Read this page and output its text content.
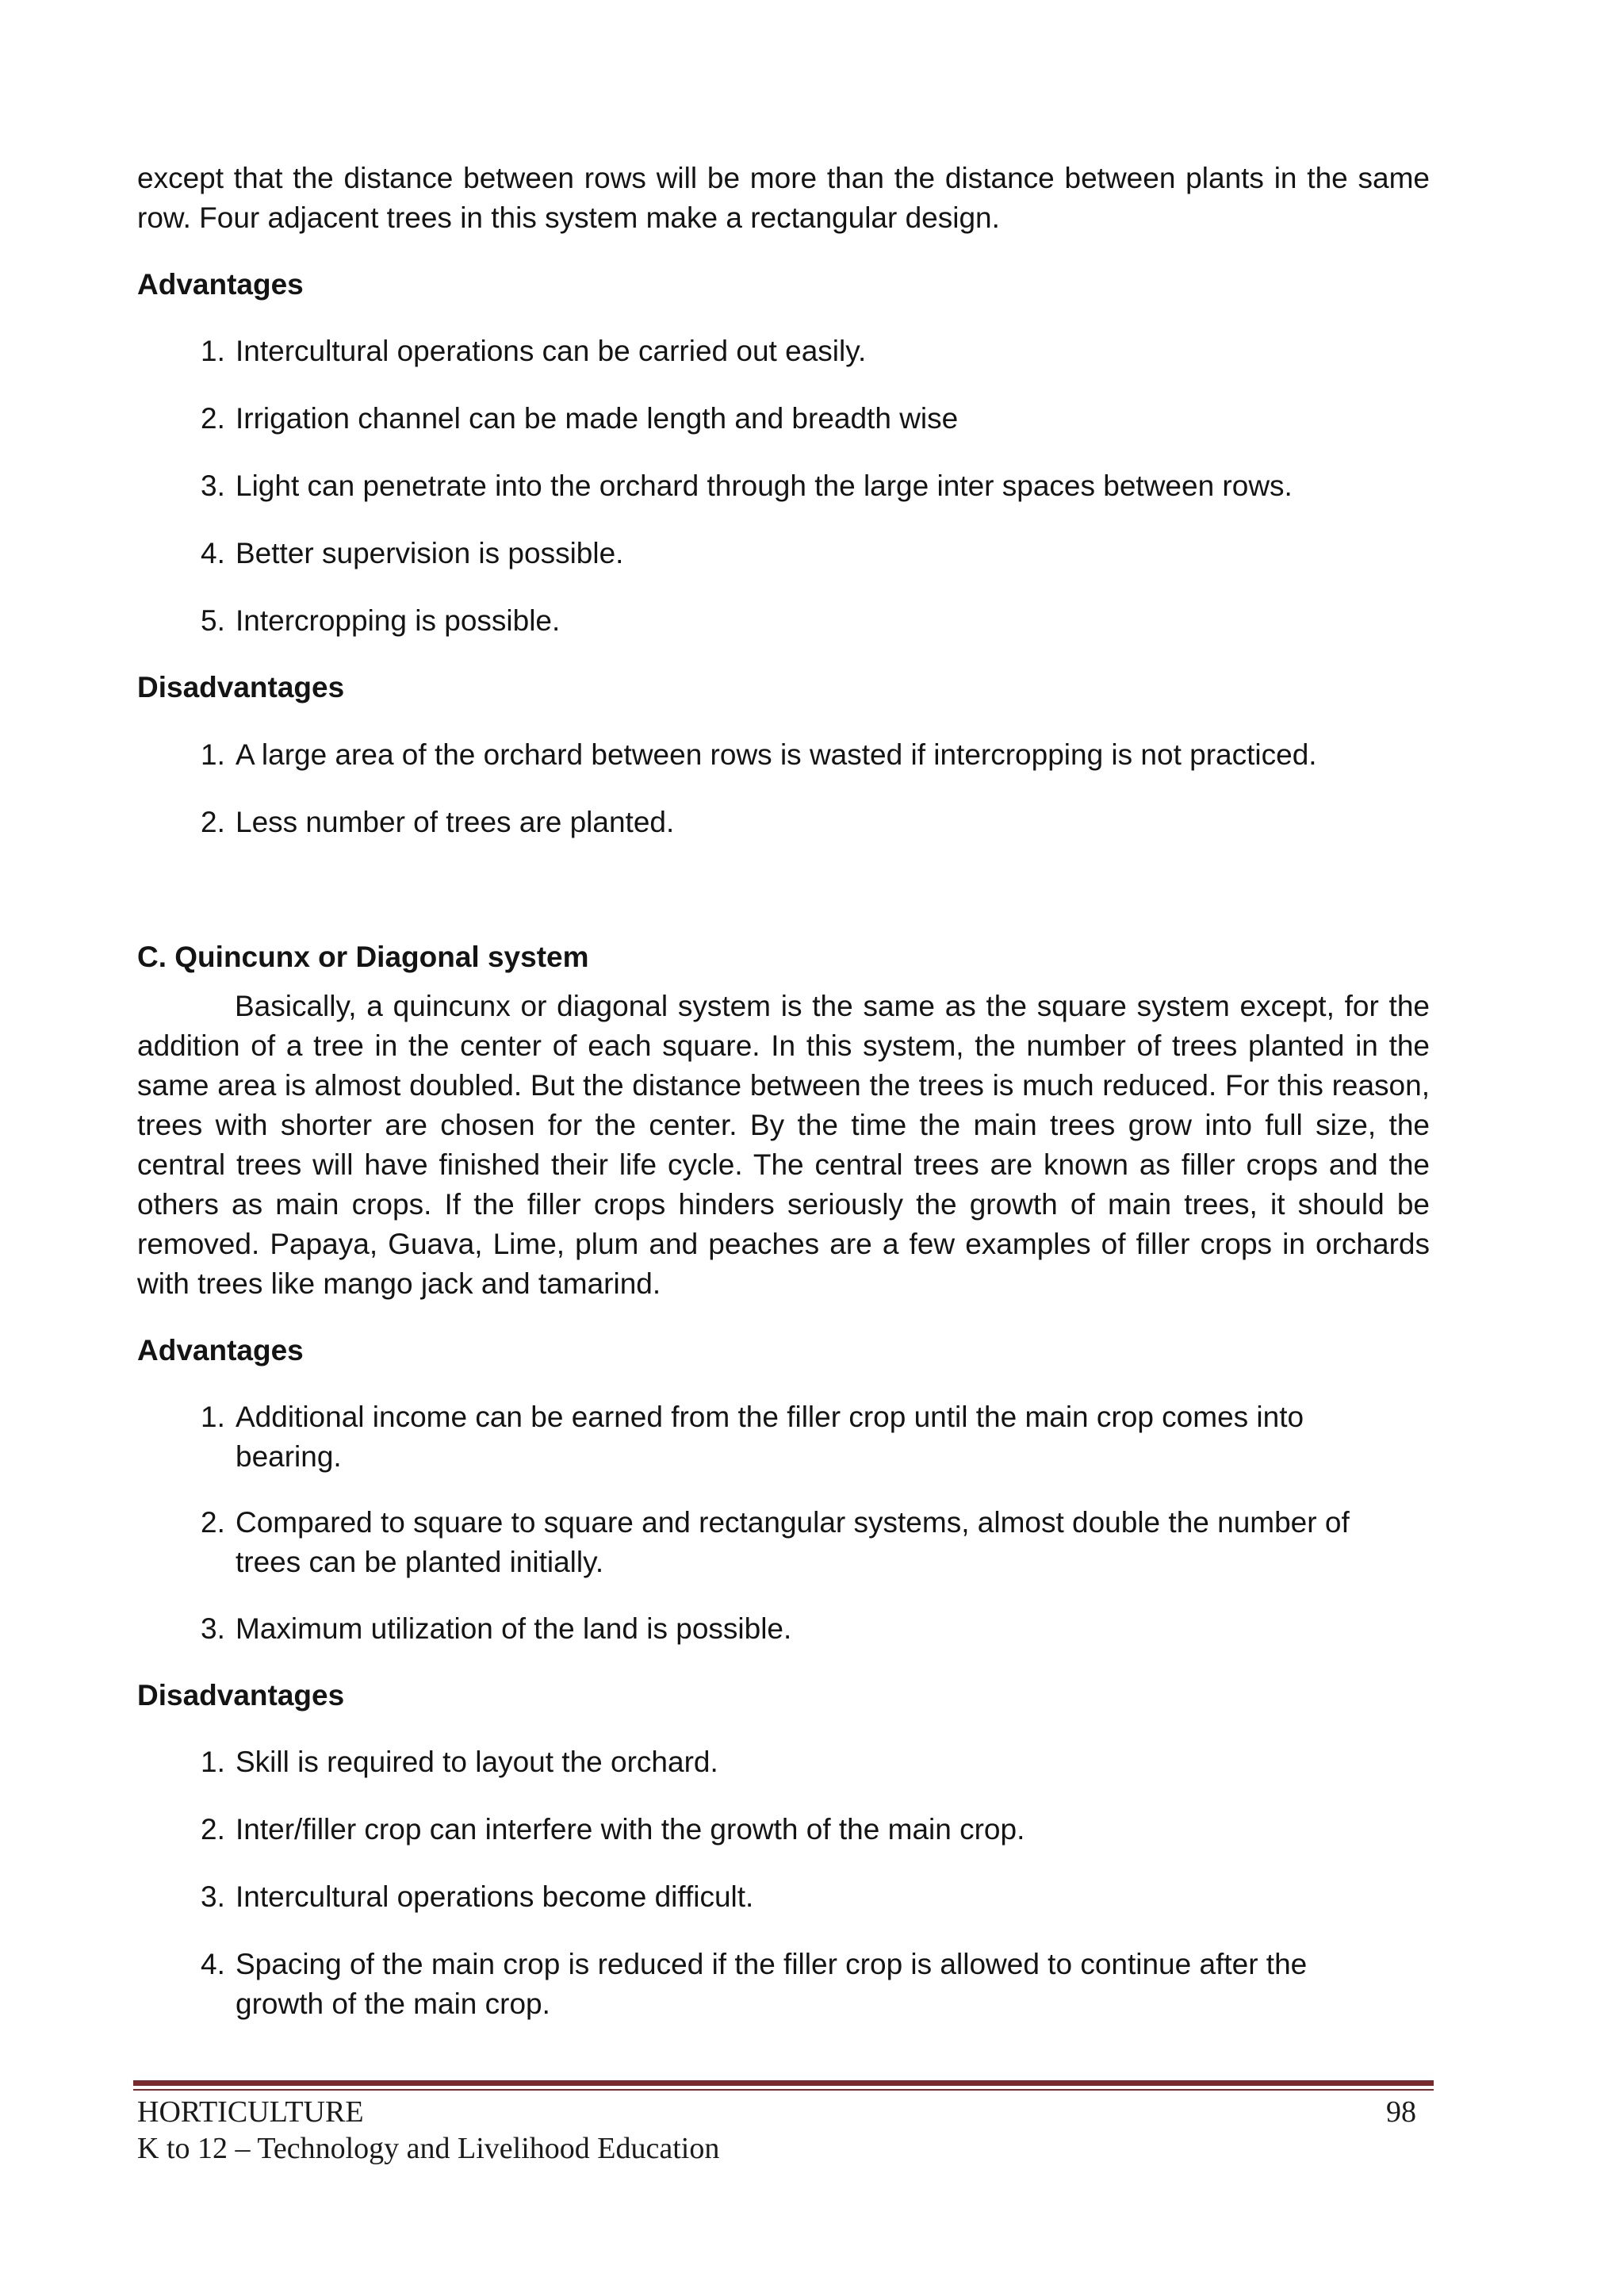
except that the distance between rows will be more than the distance between plants in the same row. Four adjacent trees in this system make a rectangular design.

Advantages

1. Intercultural operations can be carried out easily.
2. Irrigation channel can be made length and breadth wise
3. Light can penetrate into the orchard through the large inter spaces between rows.
4. Better supervision is possible.
5. Intercropping is possible.

Disadvantages

1. A large area of the orchard between rows is wasted if intercropping is not practiced.
2. Less number of trees are planted.

C. Quincunx or Diagonal system

Basically, a quincunx or diagonal system is the same as the square system except, for the addition of a tree in the center of each square. In this system, the number of trees planted in the same area is almost doubled. But the distance between the trees is much reduced. For this reason, trees with shorter are chosen for the center. By the time the main trees grow into full size, the central trees will have finished their life cycle. The central trees are known as filler crops and the others as main crops. If the filler crops hinders seriously the growth of main trees, it should be removed. Papaya, Guava, Lime, plum and peaches are a few examples of filler crops in orchards with trees like mango jack and tamarind.

Advantages

1. Additional income can be earned from the filler crop until the main crop comes into bearing.
2. Compared to square to square and rectangular systems, almost double the number of trees can be planted initially.
3. Maximum utilization of the land is possible.

Disadvantages

1. Skill is required to layout the orchard.
2. Inter/filler crop can interfere with the growth of the main crop.
3. Intercultural operations become difficult.
4. Spacing of the main crop is reduced if the filler crop is allowed to continue after the growth of the main crop.
HORTICULTURE
K to 12 – Technology and Livelihood Education
98
